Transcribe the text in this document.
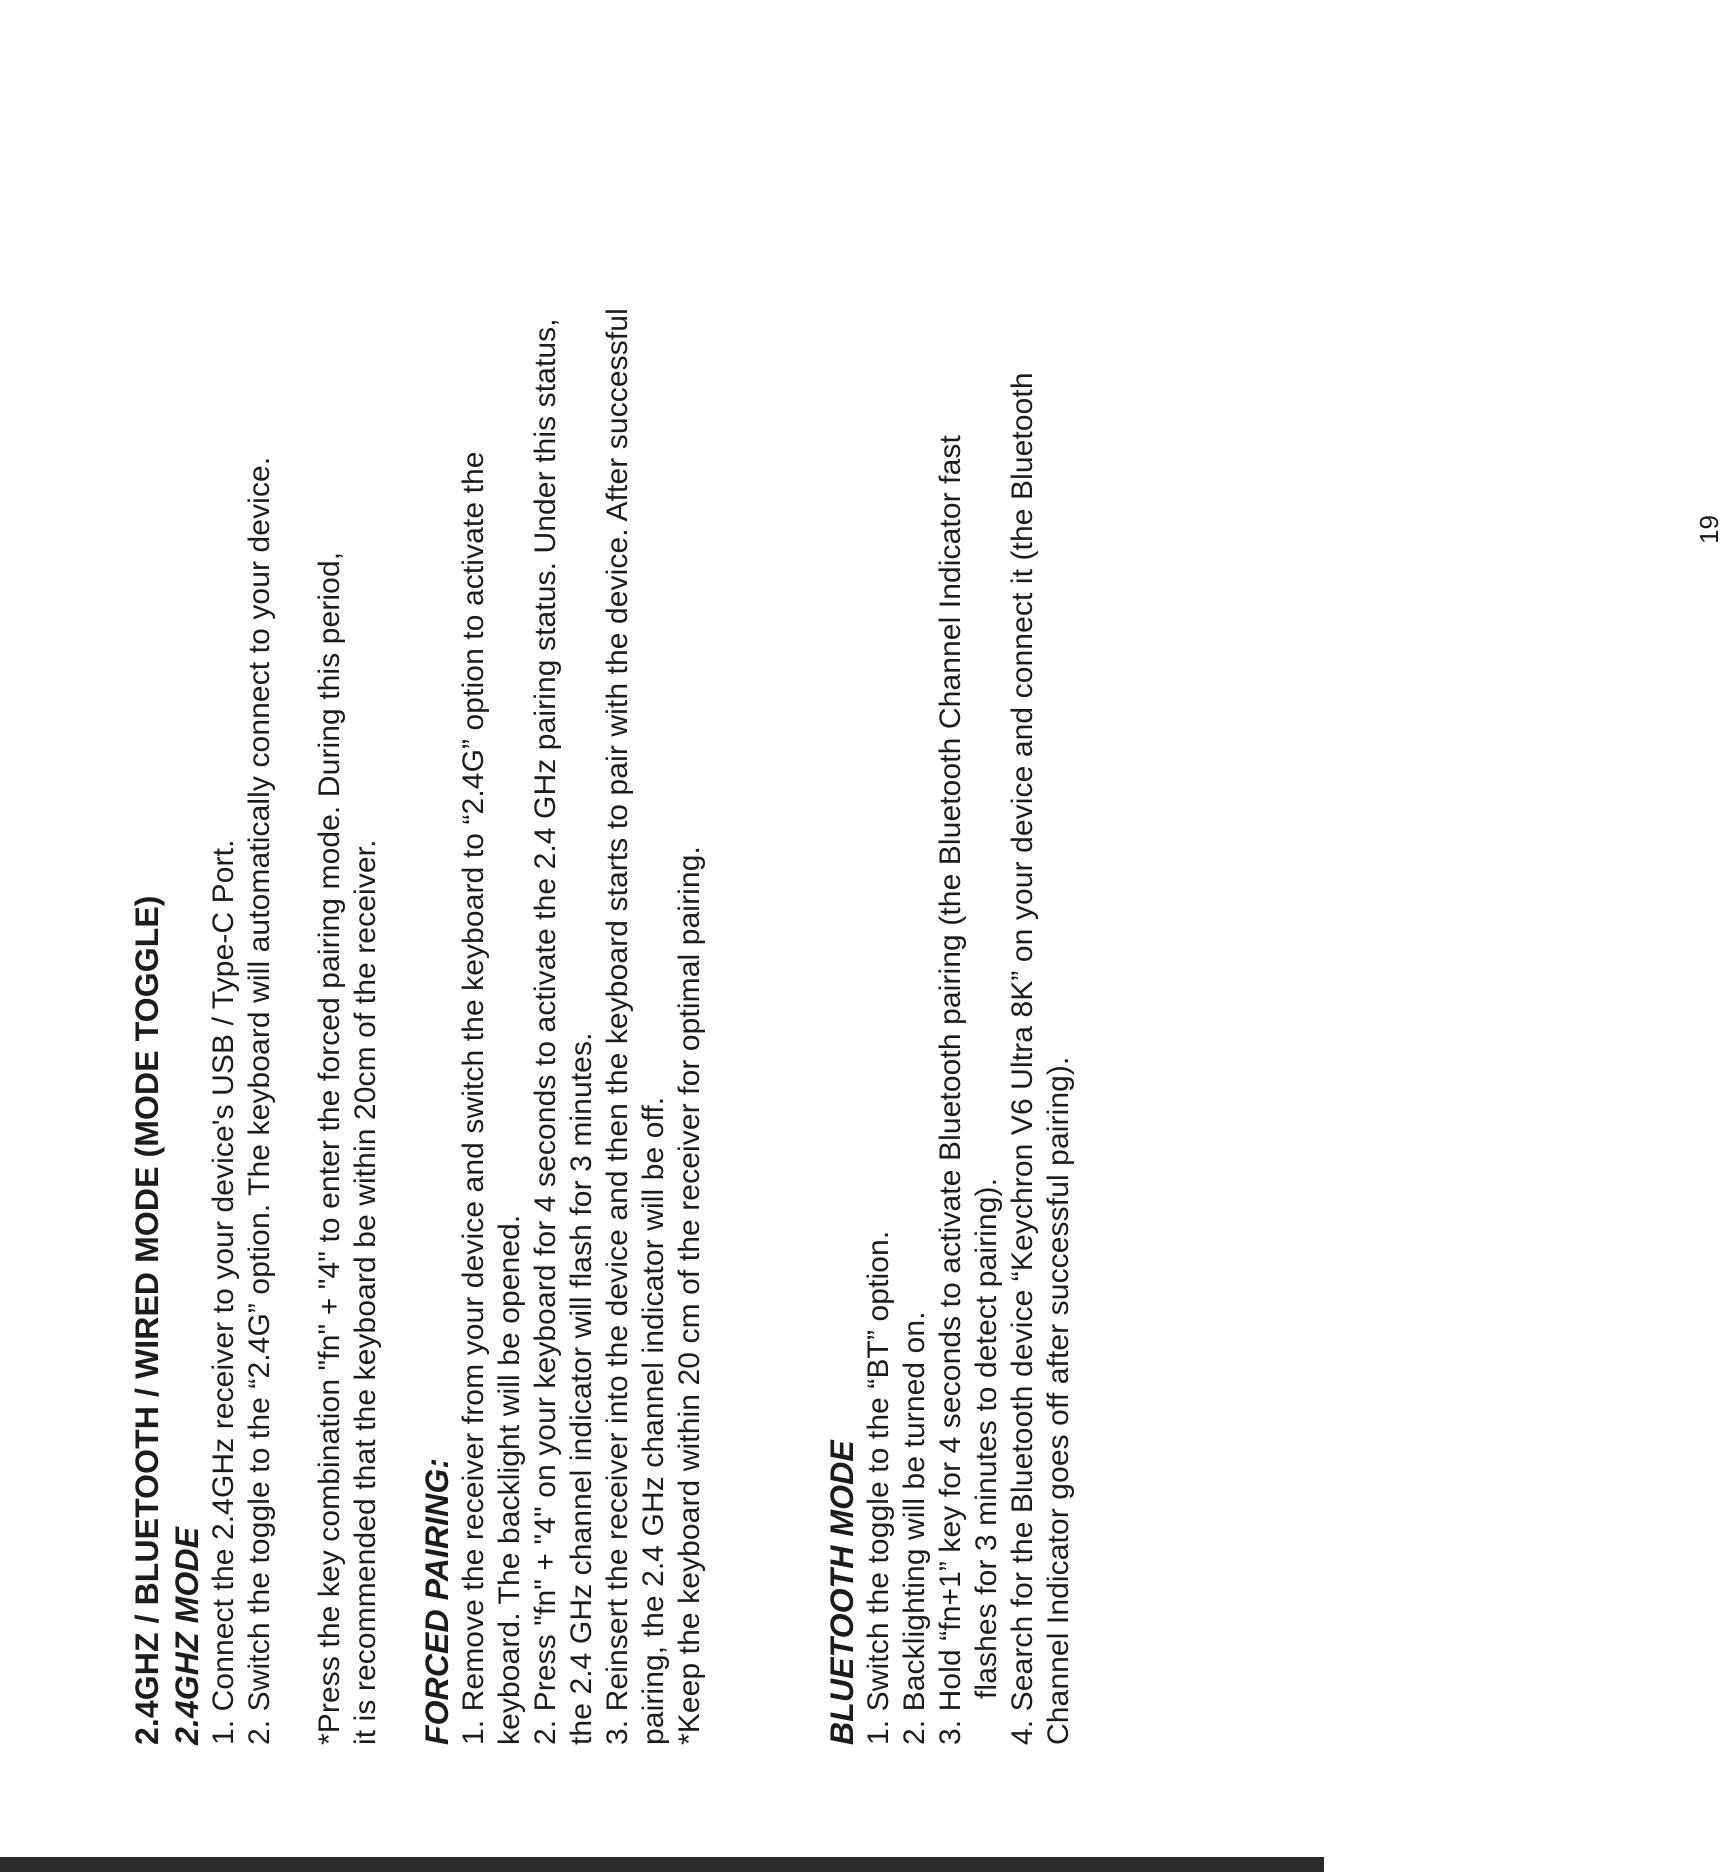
2.4GHZ / BLUETOOTH / WIRED MODE (MODE TOGGLE) 2.4GHZ MODE 1. Connect the 2.4GHz receiver to your device's USB / Type-C Port. 2. Switch the toggle to the “2.4G” option. The keyboard will automatically connect to your device. *Press the key combination "fn" + "4" to enter the forced pairing mode. During this period, it is recommended that the keyboard be within 20cm of the receiver. FORCED PAIRING: 1. Remove the receiver from your device and switch the keyboard to “2.4G” option to activate the keyboard. The backlight will be opened. 2. Press "fn" + "4" on your keyboard for 4 seconds to activate the 2.4 GHz pairing status. Under this status, the 2.4 GHz channel indicator will flash for 3 minutes. 3. Reinsert the receiver into the device and then the keyboard starts to pair with the device. After successful pairing, the 2.4 GHz channel indicator will be off. *Keep the keyboard within 20 cm of the receiver for optimal pairing.	BLUETOOTH MODE 1. Switch the toggle to the “BT” option. 2. Backlighting will be turned on. 3. Hold “fn+1” key for 4 seconds to activate Bluetooth pairing (the Bluetooth Channel Indicator fast flashes for 3 minutes to detect pairing). 4. Search for the Bluetooth device “Keychron V6 Ultra 8K” on your device and connect it (the Bluetooth Channel Indicator goes off after successful pairing).
19
